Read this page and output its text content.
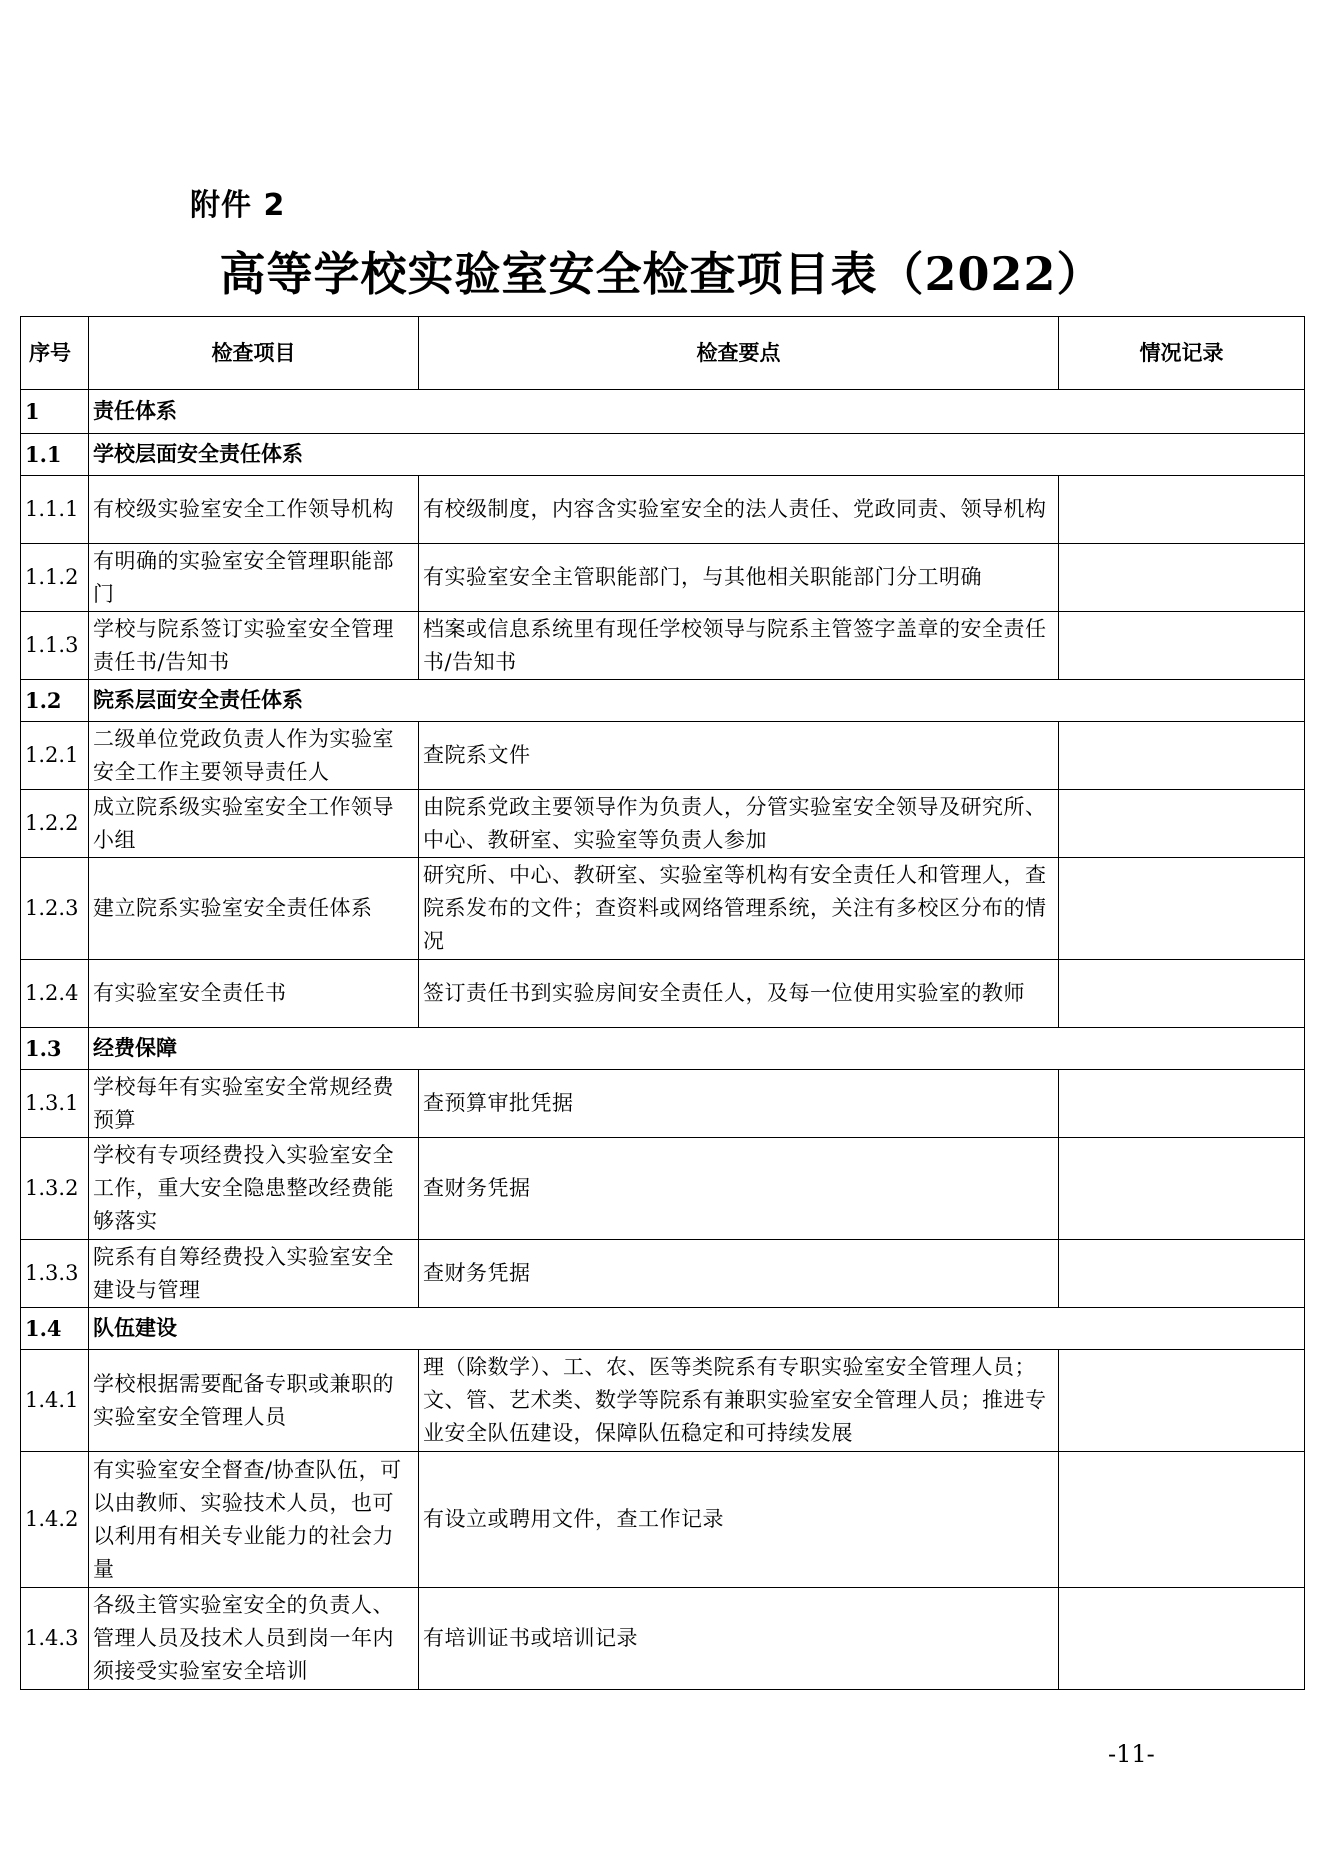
附件 2
高等学校实验室安全检查项目表（2022）
序号	检查项目	检查要点	情况记录
1	责任体系		
1.1	学校层面安全责任体系		
1.1.1	有校级实验室安全工作领导机构	有校级制度，内容含实验室安全的法人责任、党政同责、领导机构	
1.1.2	有明确的实验室安全管理职能部门	有实验室安全主管职能部门，与其他相关职能部门分工明确	
1.1.3	学校与院系签订实验室安全管理责任书/告知书	档案或信息系统里有现任学校领导与院系主管签字盖章的安全责任书/告知书	
1.2	院系层面安全责任体系		
1.2.1	二级单位党政负责人作为实验室安全工作主要领导责任人	查院系文件	
1.2.2	成立院系级实验室安全工作领导小组	由院系党政主要领导作为负责人，分管实验室安全领导及研究所、中心、教研室、实验室等负责人参加	
1.2.3	建立院系实验室安全责任体系	研究所、中心、教研室、实验室等机构有安全责任人和管理人，查院系发布的文件；查资料或网络管理系统，关注有多校区分布的情况	
1.2.4	有实验室安全责任书	签订责任书到实验房间安全责任人，及每一位使用实验室的教师	
1.3	经费保障		
1.3.1	学校每年有实验室安全常规经费预算	查预算审批凭据	
1.3.2	学校有专项经费投入实验室安全工作，重大安全隐患整改经费能够落实	查财务凭据	
1.3.3	院系有自筹经费投入实验室安全建设与管理	查财务凭据	
1.4	队伍建设		
1.4.1	学校根据需要配备专职或兼职的实验室安全管理人员	理（除数学）、工、农、医等类院系有专职实验室安全管理人员；文、管、艺术类、数学等院系有兼职实验室安全管理人员；推进专业安全队伍建设，保障队伍稳定和可持续发展	
1.4.2	有实验室安全督查/协查队伍，可以由教师、实验技术人员，也可以利用有相关专业能力的社会力量	有设立或聘用文件，查工作记录	
1.4.3	各级主管实验室安全的负责人、管理人员及技术人员到岗一年内须接受实验室安全培训	有培训证书或培训记录	
-11-
